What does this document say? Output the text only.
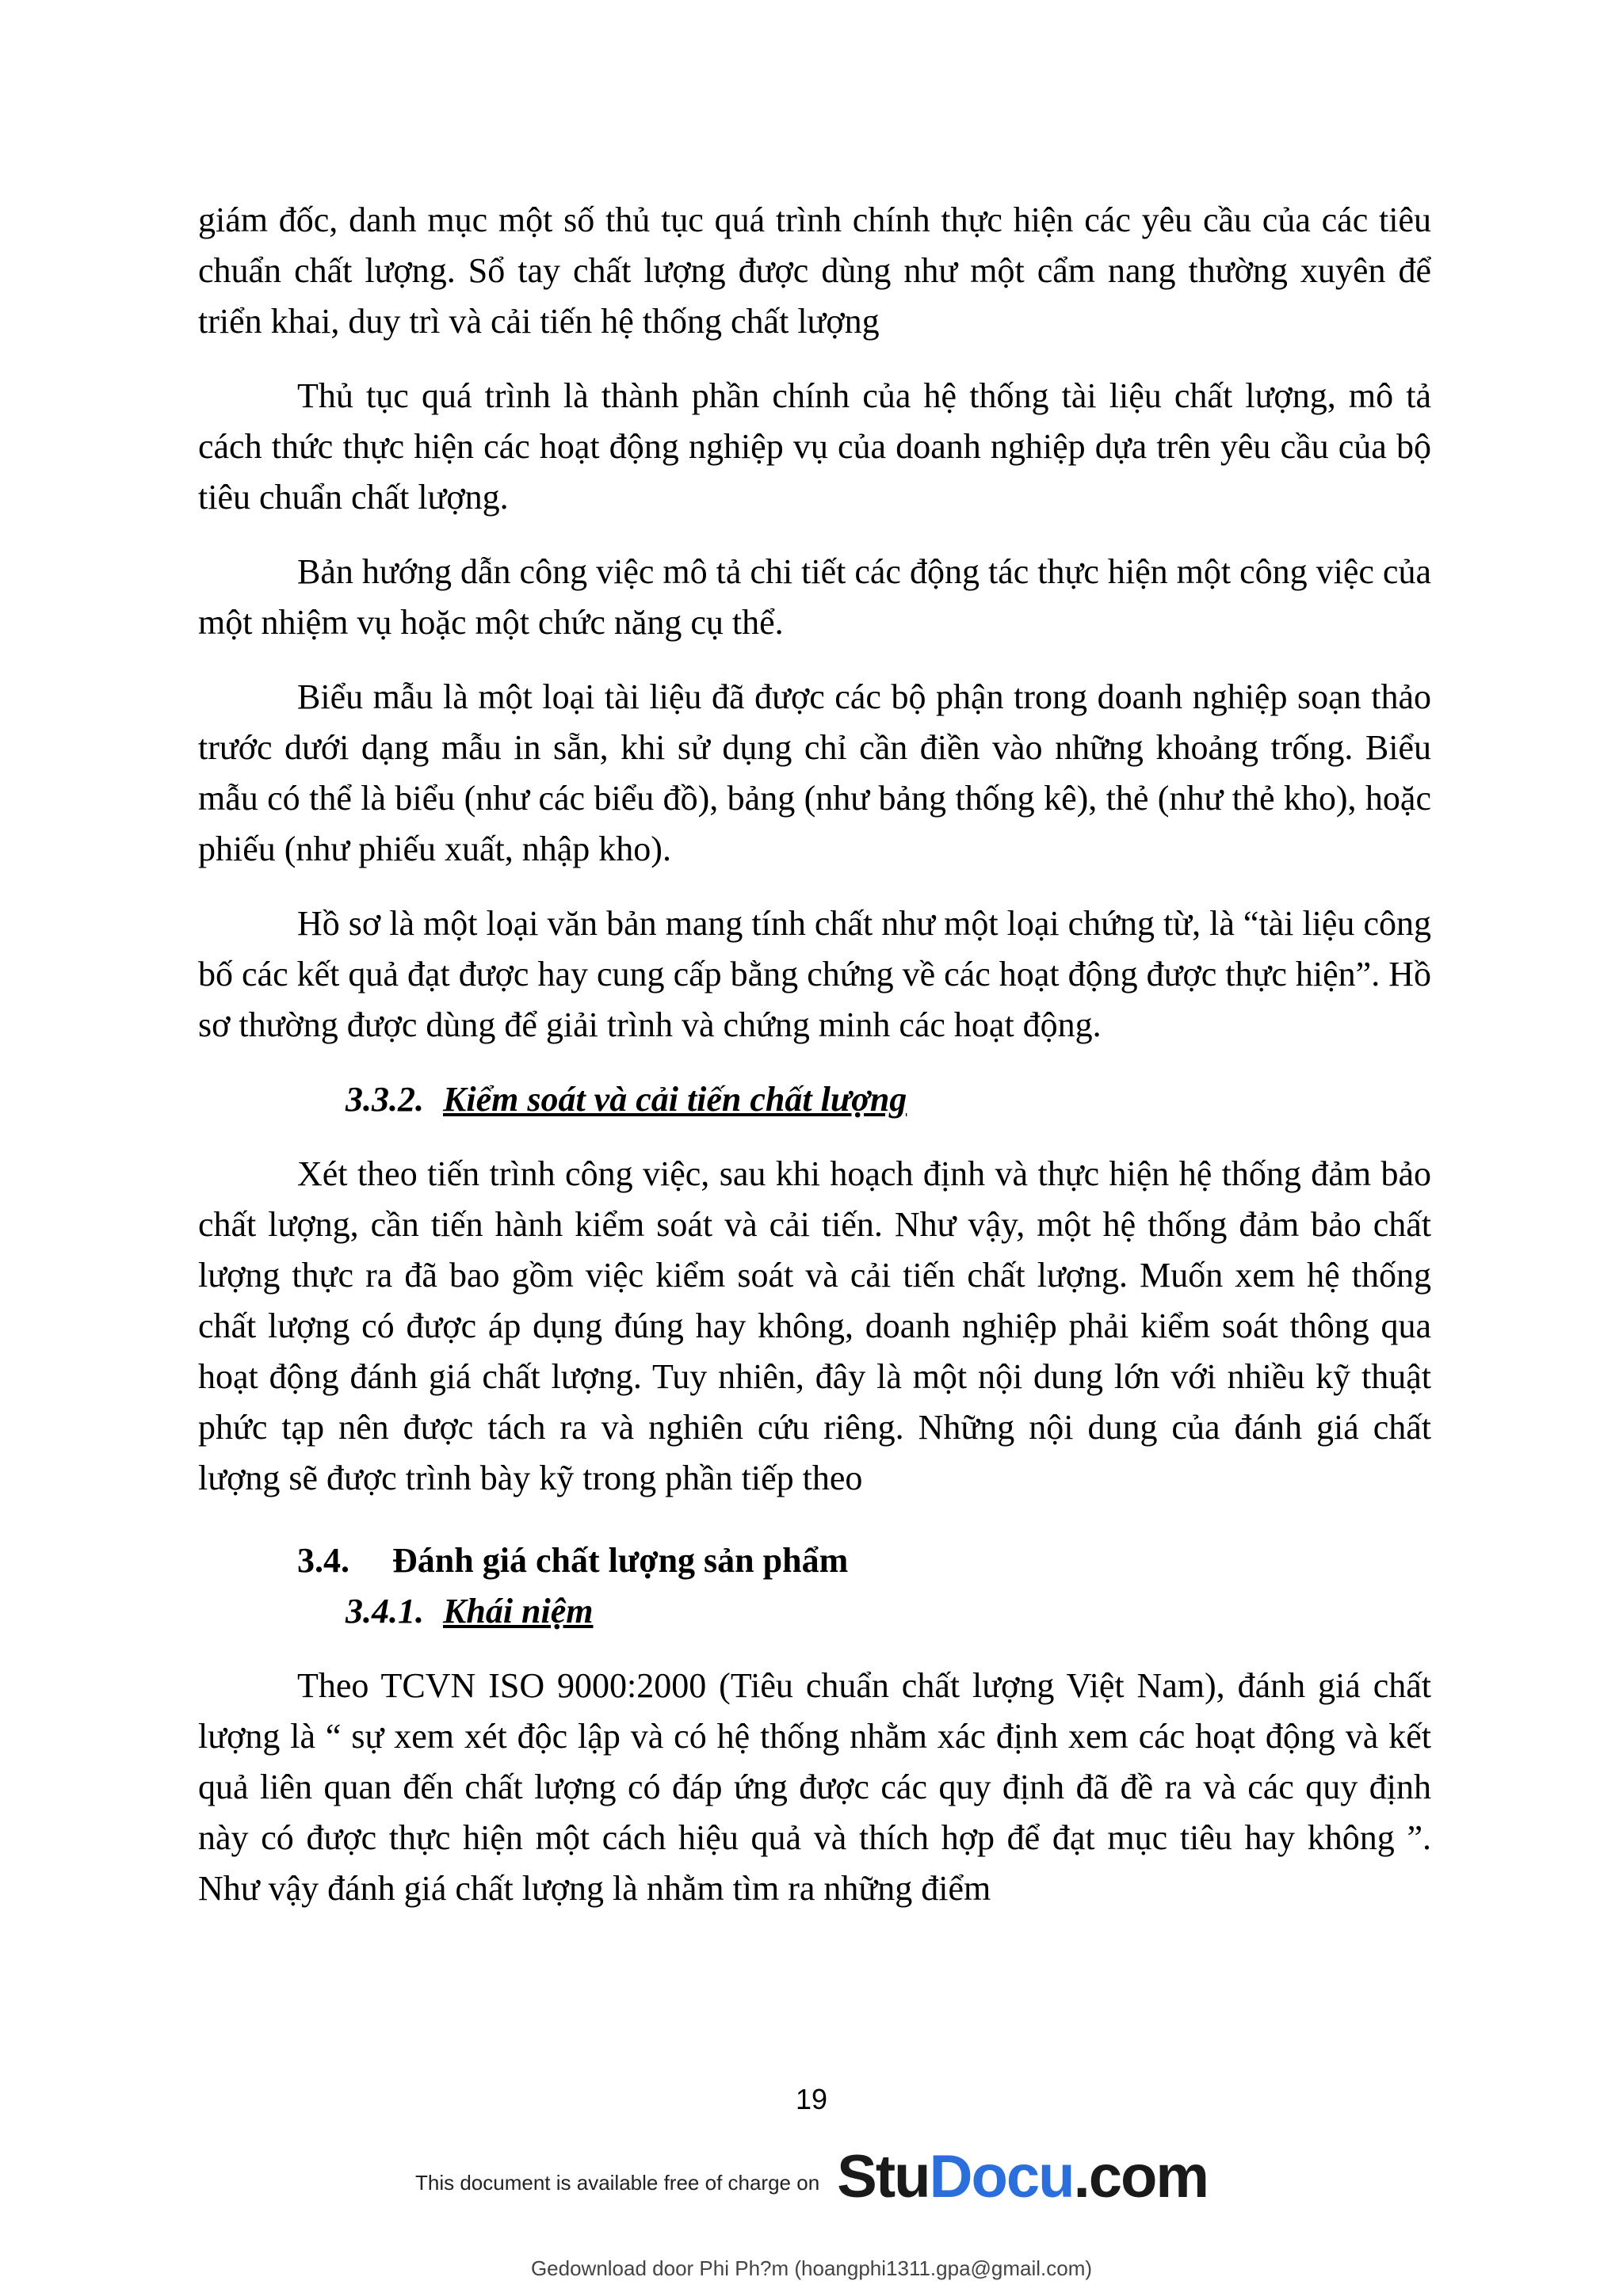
giám đốc, danh mục một số thủ tục quá trình chính thực hiện các yêu cầu của các tiêu chuẩn chất lượng. Sổ tay chất lượng được dùng như một cẩm nang thường xuyên để triển khai, duy trì và cải tiến hệ thống chất lượng

Thủ tục quá trình là thành phần chính của hệ thống tài liệu chất lượng, mô tả cách thức thực hiện các hoạt động nghiệp vụ của doanh nghiệp dựa trên yêu cầu của bộ tiêu chuẩn chất lượng.

Bản hướng dẫn công việc mô tả chi tiết các động tác thực hiện một công việc của một nhiệm vụ hoặc một chức năng cụ thể.

Biểu mẫu là một loại tài liệu đã được các bộ phận trong doanh nghiệp soạn thảo trước dưới dạng mẫu in sẵn, khi sử dụng chỉ cần điền vào những khoảng trống. Biểu mẫu có thể là biểu (như các biểu đồ), bảng (như bảng thống kê), thẻ (như thẻ kho), hoặc phiếu (như phiếu xuất, nhập kho).

Hồ sơ là một loại văn bản mang tính chất như một loại chứng từ, là “tài liệu công bố các kết quả đạt được hay cung cấp bằng chứng về các hoạt động được thực hiện”. Hồ sơ thường được dùng để giải trình và chứng minh các hoạt động.

3.3.2. Kiểm soát và cải tiến chất lượng

Xét theo tiến trình công việc, sau khi hoạch định và thực hiện hệ thống đảm bảo chất lượng, cần tiến hành kiểm soát và cải tiến. Như vậy, một hệ thống đảm bảo chất lượng thực ra đã bao gồm việc kiểm soát và cải tiến chất lượng. Muốn xem hệ thống chất lượng có được áp dụng đúng hay không, doanh nghiệp phải kiểm soát thông qua hoạt động đánh giá chất lượng. Tuy nhiên, đây là một nội dung lớn với nhiều kỹ thuật phức tạp nên được tách ra và nghiên cứu riêng. Những nội dung của đánh giá chất lượng sẽ được trình bày kỹ trong phần tiếp theo

3.4. Đánh giá chất lượng sản phẩm
3.4.1. Khái niệm

Theo TCVN ISO 9000:2000 (Tiêu chuẩn chất lượng Việt Nam), đánh giá chất lượng là “ sự xem xét độc lập và có hệ thống nhằm xác định xem các hoạt động và kết quả liên quan đến chất lượng có đáp ứng được các quy định đã đề ra và các quy định này có được thực hiện một cách hiệu quả và thích hợp để đạt mục tiêu hay không ”. Như vậy đánh giá chất lượng là nhằm tìm ra những điểm

19
This document is available free of charge on StuDocu.com
Gedownload door Phi Ph?m (hoangphi1311.gpa@gmail.com)
